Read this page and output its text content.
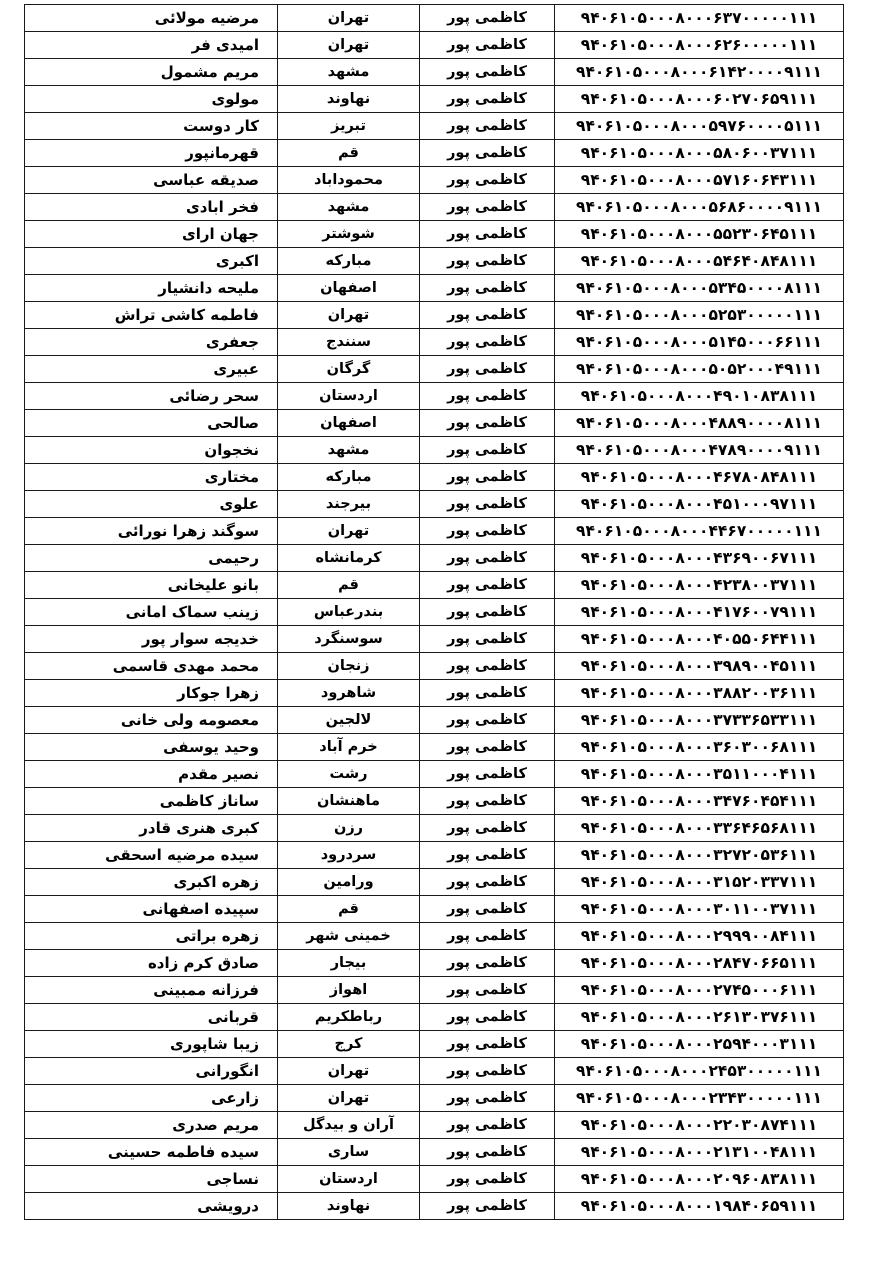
مرضیه مولائی	تهران	کاظمی پور	۹۴۰۶۱۰۵۰۰۰۸۰۰۰۶۳۷۰۰۰۰۰۱۱۱
امیدی فر	تهران	کاظمی پور	۹۴۰۶۱۰۵۰۰۰۸۰۰۰۶۲۶۰۰۰۰۰۱۱۱
مریم مشمول	مشهد	کاظمی پور	۹۴۰۶۱۰۵۰۰۰۸۰۰۰۶۱۴۲۰۰۰۰۹۱۱۱
مولوی	نهاوند	کاظمی پور	۹۴۰۶۱۰۵۰۰۰۸۰۰۰۶۰۲۷۰۶۵۹۱۱۱
کار دوست	تبریز	کاظمی پور	۹۴۰۶۱۰۵۰۰۰۸۰۰۰۵۹۷۶۰۰۰۰۵۱۱۱
قهرمانپور	قم	کاظمی پور	۹۴۰۶۱۰۵۰۰۰۸۰۰۰۵۸۰۶۰۰۳۷۱۱۱
صدیقه عباسی	محموداباد	کاظمی پور	۹۴۰۶۱۰۵۰۰۰۸۰۰۰۵۷۱۶۰۶۴۳۱۱۱
فخر ابادی	مشهد	کاظمی پور	۹۴۰۶۱۰۵۰۰۰۸۰۰۰۵۶۸۶۰۰۰۰۹۱۱۱
جهان ارای	شوشتر	کاظمی پور	۹۴۰۶۱۰۵۰۰۰۸۰۰۰۵۵۲۳۰۶۴۵۱۱۱
اکبری	مبارکه	کاظمی پور	۹۴۰۶۱۰۵۰۰۰۸۰۰۰۵۴۶۴۰۸۴۸۱۱۱
ملیحه دانشیار	اصفهان	کاظمی پور	۹۴۰۶۱۰۵۰۰۰۸۰۰۰۵۳۴۵۰۰۰۰۸۱۱۱
فاطمه کاشی تراش	تهران	کاظمی پور	۹۴۰۶۱۰۵۰۰۰۸۰۰۰۵۲۵۳۰۰۰۰۰۱۱۱
جعفری	سنندج	کاظمی پور	۹۴۰۶۱۰۵۰۰۰۸۰۰۰۵۱۴۵۰۰۰۶۶۱۱۱
عبیری	گرگان	کاظمی پور	۹۴۰۶۱۰۵۰۰۰۸۰۰۰۵۰۵۲۰۰۰۴۹۱۱۱
سحر رضائی	اردستان	کاظمی پور	۹۴۰۶۱۰۵۰۰۰۸۰۰۰۴۹۰۱۰۸۳۸۱۱۱
صالحی	اصفهان	کاظمی پور	۹۴۰۶۱۰۵۰۰۰۸۰۰۰۴۸۸۹۰۰۰۰۸۱۱۱
نخجوان	مشهد	کاظمی پور	۹۴۰۶۱۰۵۰۰۰۸۰۰۰۴۷۸۹۰۰۰۰۹۱۱۱
مختاری	مبارکه	کاظمی پور	۹۴۰۶۱۰۵۰۰۰۸۰۰۰۴۶۷۸۰۸۴۸۱۱۱
علوی	بیرجند	کاظمی پور	۹۴۰۶۱۰۵۰۰۰۸۰۰۰۴۵۱۰۰۰۹۷۱۱۱
سوگند زهرا نورائی	تهران	کاظمی پور	۹۴۰۶۱۰۵۰۰۰۸۰۰۰۴۴۶۷۰۰۰۰۰۱۱۱
رحیمی	کرمانشاه	کاظمی پور	۹۴۰۶۱۰۵۰۰۰۸۰۰۰۴۳۶۹۰۰۶۷۱۱۱
بانو علیخانی	قم	کاظمی پور	۹۴۰۶۱۰۵۰۰۰۸۰۰۰۴۲۳۸۰۰۳۷۱۱۱
زینب سماک امانی	بندرعباس	کاظمی پور	۹۴۰۶۱۰۵۰۰۰۸۰۰۰۴۱۷۶۰۰۷۹۱۱۱
خدیجه سوار پور	سوسنگرد	کاظمی پور	۹۴۰۶۱۰۵۰۰۰۸۰۰۰۴۰۵۵۰۶۴۴۱۱۱
محمد مهدی قاسمی	زنجان	کاظمی پور	۹۴۰۶۱۰۵۰۰۰۸۰۰۰۳۹۸۹۰۰۴۵۱۱۱
زهرا جوکار	شاهرود	کاظمی پور	۹۴۰۶۱۰۵۰۰۰۸۰۰۰۳۸۸۲۰۰۳۶۱۱۱
معصومه ولی خانی	لالجین	کاظمی پور	۹۴۰۶۱۰۵۰۰۰۸۰۰۰۳۷۳۳۶۵۳۳۱۱۱
وحید یوسفی	خرم آباد	کاظمی پور	۹۴۰۶۱۰۵۰۰۰۸۰۰۰۳۶۰۳۰۰۶۸۱۱۱
نصیر مقدم	رشت	کاظمی پور	۹۴۰۶۱۰۵۰۰۰۸۰۰۰۳۵۱۱۰۰۰۴۱۱۱
ساناز کاظمی	ماهنشان	کاظمی پور	۹۴۰۶۱۰۵۰۰۰۸۰۰۰۳۴۷۶۰۴۵۴۱۱۱
کبری هنری قادر	رزن	کاظمی پور	۹۴۰۶۱۰۵۰۰۰۸۰۰۰۳۳۶۴۶۵۶۸۱۱۱
سیده مرضیه اسحقی	سردرود	کاظمی پور	۹۴۰۶۱۰۵۰۰۰۸۰۰۰۳۲۷۲۰۵۳۶۱۱۱
زهره اکبری	ورامین	کاظمی پور	۹۴۰۶۱۰۵۰۰۰۸۰۰۰۳۱۵۲۰۳۳۷۱۱۱
سپیده اصفهانی	قم	کاظمی پور	۹۴۰۶۱۰۵۰۰۰۸۰۰۰۳۰۱۱۰۰۳۷۱۱۱
زهره براتی	خمینی شهر	کاظمی پور	۹۴۰۶۱۰۵۰۰۰۸۰۰۰۲۹۹۹۰۰۸۴۱۱۱
صادق کرم زاده	بیجار	کاظمی پور	۹۴۰۶۱۰۵۰۰۰۸۰۰۰۲۸۴۷۰۶۶۵۱۱۱
فرزانه ممبینی	اهواز	کاظمی پور	۹۴۰۶۱۰۵۰۰۰۸۰۰۰۲۷۴۵۰۰۰۶۱۱۱
قربانی	رباطکریم	کاظمی پور	۹۴۰۶۱۰۵۰۰۰۸۰۰۰۲۶۱۳۰۳۷۶۱۱۱
زیبا شاپوری	کرج	کاظمی پور	۹۴۰۶۱۰۵۰۰۰۸۰۰۰۲۵۹۴۰۰۰۳۱۱۱
انگورانی	تهران	کاظمی پور	۹۴۰۶۱۰۵۰۰۰۸۰۰۰۲۴۵۳۰۰۰۰۰۱۱۱
زارعی	تهران	کاظمی پور	۹۴۰۶۱۰۵۰۰۰۸۰۰۰۲۳۴۳۰۰۰۰۰۱۱۱
مریم صدری	آران و بیدگل	کاظمی پور	۹۴۰۶۱۰۵۰۰۰۸۰۰۰۲۲۰۳۰۸۷۴۱۱۱
سیده فاطمه حسینی	ساری	کاظمی پور	۹۴۰۶۱۰۵۰۰۰۸۰۰۰۲۱۳۱۰۰۴۸۱۱۱
نساجی	اردستان	کاظمی پور	۹۴۰۶۱۰۵۰۰۰۸۰۰۰۲۰۹۶۰۸۳۸۱۱۱
درویشی	نهاوند	کاظمی پور	۹۴۰۶۱۰۵۰۰۰۸۰۰۰۱۹۸۴۰۶۵۹۱۱۱
